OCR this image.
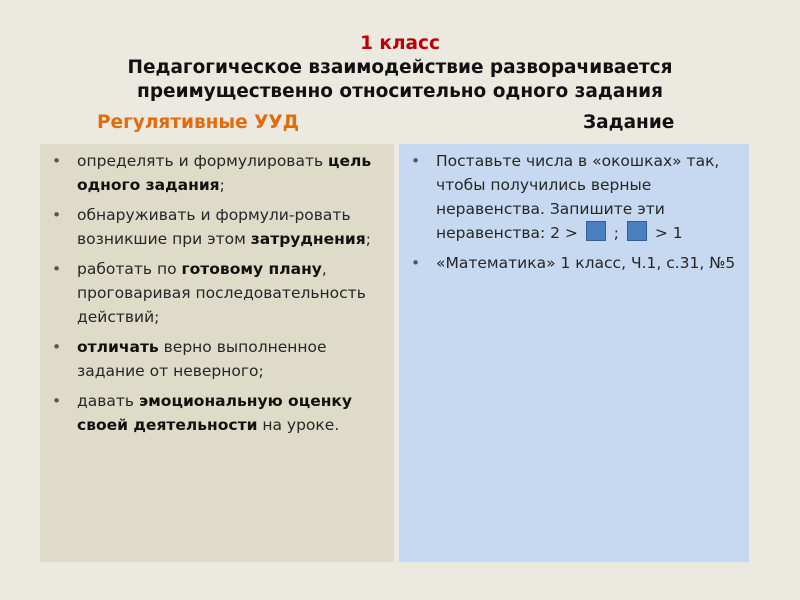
1 класс
Педагогическое взаимодействие разворачивается
преимущественно относительно одного задания
Регулятивные УУД	Задание
• определять и формулировать цель одного задания;
• обнаруживать и формули-ровать возникшие при этом затруднения;
• работать по готовому плану, проговаривая последовательность действий;
• отличать верно выполненное задание от неверного;
• давать эмоциональную оценку своей деятельности на уроке.
• Поставьте числа в «окошках» так, чтобы получились верные неравенства. Запишите эти неравенства: 2 >  ;  > 1
• «Математика» 1 класс, Ч.1, с.31, №5
